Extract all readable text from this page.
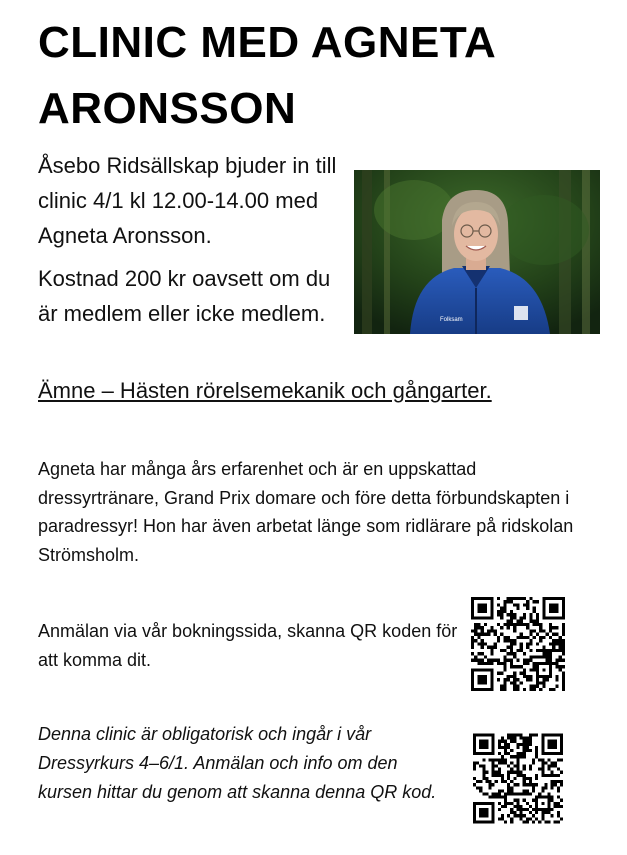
CLINIC MED AGNETA ARONSSON

Åsebo Ridsällskap bjuder in till clinic 4/1 kl 12.00-14.00 med Agneta Aronsson.

Kostnad 200 kr oavsett om du är medlem eller icke medlem.	Folksam

Ämne – Hästen rörelsemekanik och gångarter.

Agneta har många års erfarenhet och är en uppskattad dressyrtränare, Grand Prix domare och före detta förbundskapten i paradressyr! Hon har även arbetat länge som ridlärare på ridskolan Strömsholm.

Anmälan via vår bokningssida, skanna QR koden för att komma dit.

Denna clinic är obligatorisk och ingår i vår Dressyrkurs 4–6/1. Anmälan och info om den kursen hittar du genom att skanna denna QR kod.
